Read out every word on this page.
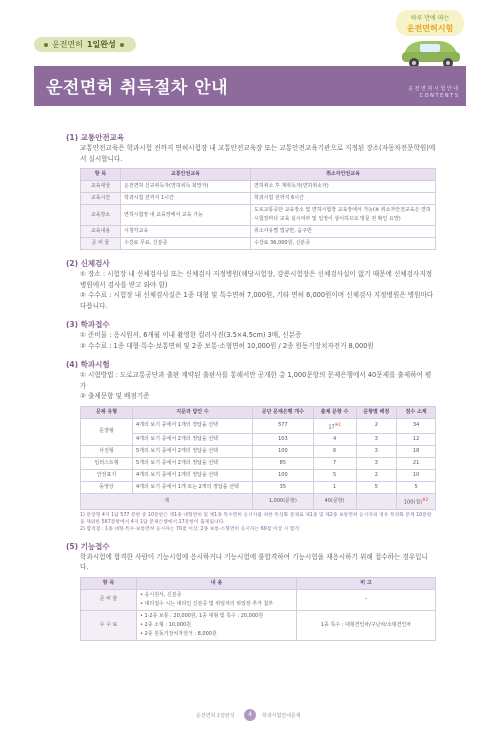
운전면허 1일완성
하루 만에 따는
운전면허시험
운전면허 취득절차 안내	운 전 면 허 시 험 안 내
C O N T E N T S
(1) 교통안전교육
교통안전교육은 학과시험 전까지 면허시험장 내 교통안전교육장 또는 교통안전교육기관으로 지정된 장소(자동차전문학원)에서 실시합니다.
항 목	교통안전교육	취소자안전교육
교육대상	운전면허 신규취득자(면허취득 희망자)	면허취소 후 재취득자(면허취소자)
교육시간	학과시험 전까지 1시간	학과시험 전까지 6시간
교육장소	면허시험장 내 교육장에서 교육 가능	도로교통공단 교육장소 및 면허시험장 교육장에서 가능(※ 취소자안전교육은 면허시험장마다 교육 실시여부 및 일정이 상이하므로 방문 전 확인 요망)
교육내용	시청각교육	취소사유별 법규반, 음주반
준 비 물	수강료 무료, 신분증	수강료 36,000원, 신분증
(2) 신체검사
① 장소 : 시험장 내 신체검사실 또는 신체검사 지정병원(해당시험장, 강릉시험장은 신체검사실이 없기 때문에 신체검사지정병원에서 검사를 받고 와야 함)
② 수수료 : 시험장 내 신체검사실은 1종 대형 및 특수면허 7,000원, 기타 면허 6,000원이며 신체검사 지정병원은 병원마다 다릅니다.
(3) 학과접수
① 준비물 : 응시원서, 6개월 이내 촬영한 컬러사진(3.5×4.5cm) 3매, 신분증
② 수수료 : 1종 대형·특수·보통면허 및 2종 보통·소형면허 10,000원 / 2종 원동기장치자전거 8,000원
(4) 학과시험
① 시험방법 : 도로교통공단과 출판 계약된 출판사를 통해서만 공개한 총 1,000문항의 문제은행에서 40문제를 출제하여 평가
② 출제문항 및 배점기준
문제 유형	지문과 답안 수	공단 문제은행 개수	출제 문항 수	문항별 배점	점수 소계
문장형	4개의 보기 중에서 1개의 정답을 선택	577	17$^{※1}$	2	34
	4개의 보기 중에서 2개의 정답을 선택	103	4	3	12
사진형	5개의 보기 중에서 2개의 정답을 선택	100	6	3	18
일러스트형	5개의 보기 중에서 2개의 정답을 선택	85	7	3	21
안전표지	4개의 보기 중에서 1개의 정답을 선택	100	5	2	10
동영상	4개의 보기 중에서 1개 또는 2개의 정답을 선택	35	1	5	5
계		1,000(문항)	40(문항)		100(점)$^{※2}$
1) 문장형 4지 1답 577 문항 중 10문항은 제1종 대형면허 및 제1종 특수면허 응시자를 위한 특성화 문제로 제1종 및 제2종 보통면허 응시자의 경우 특성화 문제 10문항을 제외한 567문항에서 4지 1답 문제은행에서 17문항이 출제됩니다.
2) 합격점 : 1종 대형·특수·보통면허 응시자는 70점 이상, 2종 보통·소형면허 응시자는 60점 이상 시 합격
(5) 기능접수
학과시험에 합격한 사람이 기능시험에 응시하거나 기능시험에 불합격하여 기능시험을 재응시하기 위해 접수하는 경우입니다.
항 목	내 용	비 고
준 비 물	• 응시원서, 신분증
• 대리접수 시는 대리인 신분증 및 위임자의 위임장 추가 첨부	–
수 수 료	• 1·2종 보통 : 20,000원, 1종 대형 및 특수 : 20,000원
• 2종 소형 : 10,000원
• 2종 원동기장치자전거 : 8,000원	1종 특수 : 대형견인차/구난차/소형견인차
운전면허 1일완성	4	학과시험안내문제
